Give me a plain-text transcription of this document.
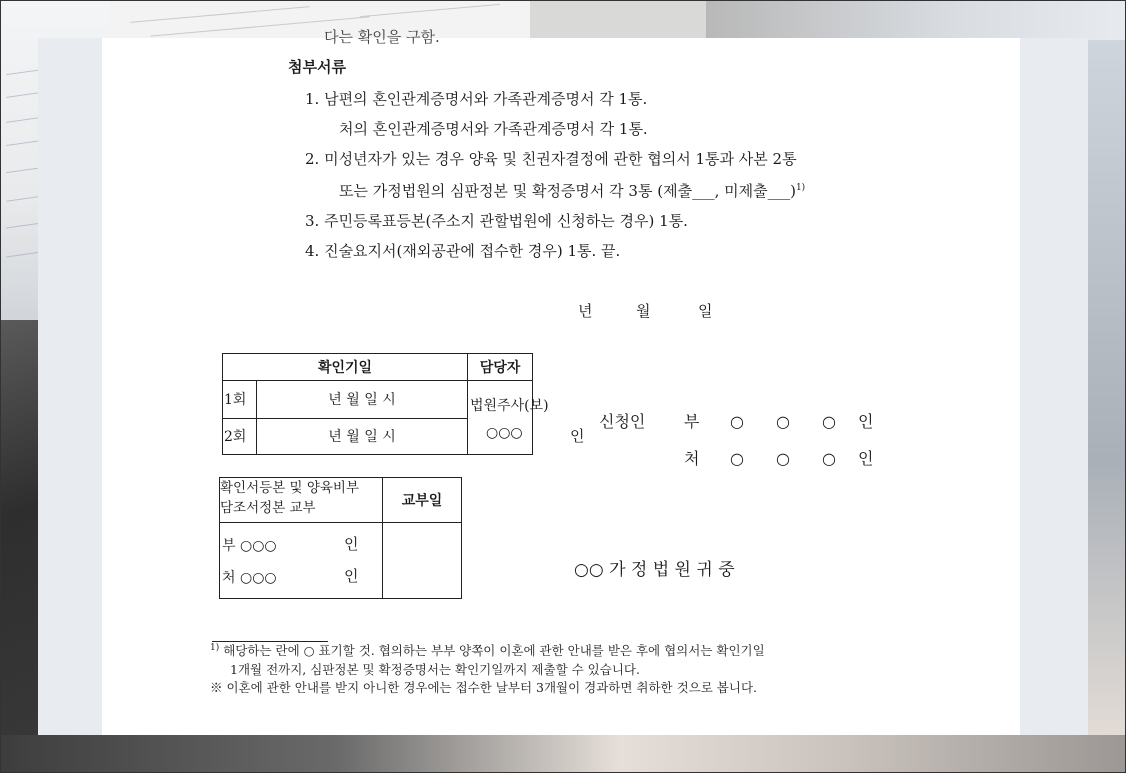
다는 확인을 구함.
첨부서류
1. 남편의 혼인관계증명서와 가족관계증명서 각 1통.
처의 혼인관계증명서와 가족관계증명서 각 1통.
2. 미성년자가 있는 경우 양육 및 친권자결정에 관한 협의서 1통과 사본 2통
또는 가정법원의 심판정본 및 확정증명서 각 3통 (제출___, 미제출___)$^{1)}$
3. 주민등록표등본(주소지 관할법원에 신청하는 경우) 1통.
4. 진술요지서(재외공관에 접수한 경우) 1통. 끝.
년	월	일
확인기일		담당자
1회	년 월 일 시	법원주사(보)
○○○ 인

2회	년 월 일 시	
확인서등본 및 양육비부
담조서정본 교부	교부일

부 ○○○ 인
처 ○○○ 인	

신청인 부 ○ ○ ○ 인
처 ○ ○ ○ 인
○○ 가 정 법 원 귀 중
$^{1)}$ 해당하는 란에 ○ 표기할 것. 협의하는 부부 양쪽이 이혼에 관한 안내를 받은 후에 협의서는 확인기일
1개월 전까지, 심판정본 및 확정증명서는 확인기일까지 제출할 수 있습니다.
※ 이혼에 관한 안내를 받지 아니한 경우에는 접수한 날부터 3개월이 경과하면 취하한 것으로 봅니다.
